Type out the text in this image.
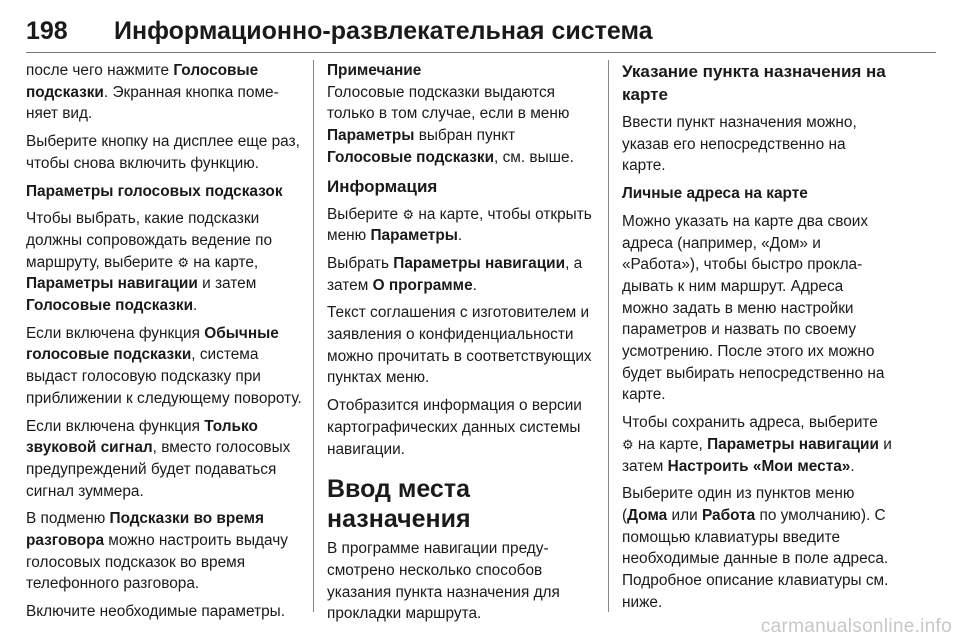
198 Информационно-развлекательная система

после чего нажмите Голосовые подсказки. Экранная кнопка поменяет вид.

Выберите кнопку на дисплее еще раз, чтобы снова включить функцию.

Параметры голосовых подсказок

Чтобы выбрать, какие подсказки должны сопровождать ведение по маршруту, выберите ⚙ на карте, Параметры навигации и затем Голосовые подсказки.

Если включена функция Обычные голосовые подсказки, система выдаст голосовую подсказку при приближении к следующему повороту.

Если включена функция Только звуковой сигнал, вместо голосовых предупреждений будет подаваться сигнал зуммера.

В подменю Подсказки во время разговора можно настроить выдачу голосовых подсказок во время телефонного разговора.

Включите необходимые параметры.

Примечание

Голосовые подсказки выдаются только в том случае, если в меню Параметры выбран пункт Голосовые подсказки, см. выше.

Информация

Выберите ⚙ на карте, чтобы открыть меню Параметры.

Выбрать Параметры навигации, а затем О программе.

Текст соглашения с изготовителем и заявления о конфиденциальности можно прочитать в соответствующих пунктах меню.

Отобразится информация о версии картографических данных системы навигации.

Ввод места назначения

В программе навигации предусмотрено несколько способов указания пункта назначения для прокладки маршрута.

Указание пункта назначения на карте

Ввести пункт назначения можно, указав его непосредственно на карте.

Личные адреса на карте

Можно указать на карте два своих адреса (например, «Дом» и «Работа»), чтобы быстро прокладывать к ним маршрут. Адреса можно задать в меню настройки параметров и назвать по своему усмотрению. После этого их можно будет выбирать непосредственно на карте.

Чтобы сохранить адреса, выберите ⚙ на карте, Параметры навигации и затем Настроить «Мои места».

Выберите один из пунктов меню (Дома или Работа по умолчанию). С помощью клавиатуры введите необходимые данные в поле адреса. Подробное описание клавиатуры см. ниже.

carmanualsonline.info
